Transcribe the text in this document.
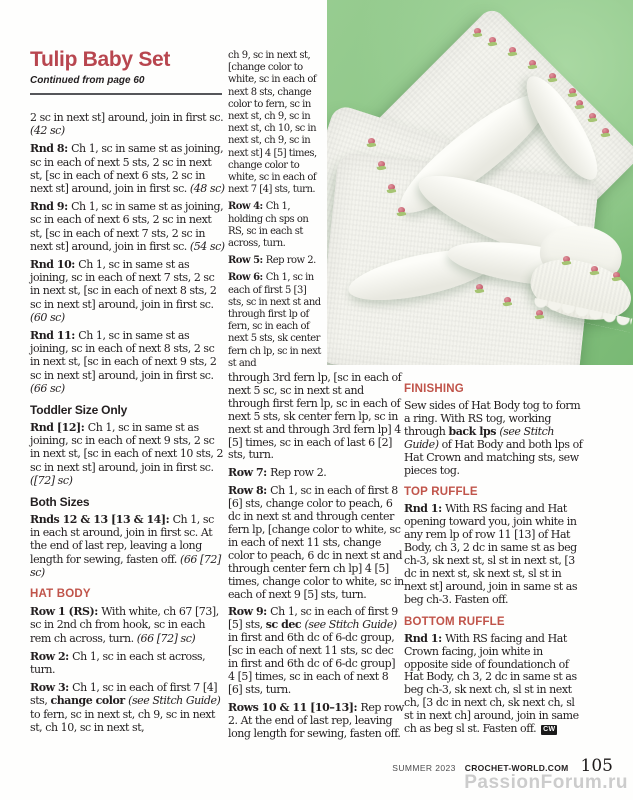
Tulip Baby Set
Continued from page 60

2 sc in next st] around, join in first sc. (42 sc)

Rnd 8: Ch 1, sc in same st as joining, sc in each of next 5 sts, 2 sc in next st, [sc in each of next 6 sts, 2 sc in next st] around, join in first sc. (48 sc)

Rnd 9: Ch 1, sc in same st as joining, sc in each of next 6 sts, 2 sc in next st, [sc in each of next 7 sts, 2 sc in next st] around, join in first sc. (54 sc)

Rnd 10: Ch 1, sc in same st as joining, sc in each of next 7 sts, 2 sc in next st, [sc in each of next 8 sts, 2 sc in next st] around, join in first sc. (60 sc)

Rnd 11: Ch 1, sc in same st as joining, sc in each of next 8 sts, 2 sc in next st, [sc in each of next 9 sts, 2 sc in next st] around, join in first sc. (66 sc)

Toddler Size Only

Rnd [12]: Ch 1, sc in same st as joining, sc in each of next 9 sts, 2 sc in next st, [sc in each of next 10 sts, 2 sc in next st] around, join in first sc. ([72] sc)

Both Sizes

Rnds 12 & 13 [13 & 14]: Ch 1, sc in each st around, join in first sc. At the end of last rep, leaving a long length for sewing, fasten off. (66 [72] sc)

HAT BODY

Row 1 (RS): With white, ch 67 [73], sc in 2nd ch from hook, sc in each rem ch across, turn. (66 [72] sc)

Row 2: Ch 1, sc in each st across, turn.

Row 3: Ch 1, sc in each of first 7 [4] sts, change color (see Stitch Guide) to fern, sc in next st, ch 9, sc in next st, ch 10, sc in next st,

ch 9, sc in next st, [change color to white, sc in each of next 8 sts, change color to fern, sc in next st, ch 9, sc in next st, ch 10, sc in next st, ch 9, sc in next st] 4 [5] times, change color to white, sc in each of next 7 [4] sts, turn.

Row 4: Ch 1, holding ch sps on RS, sc in each st across, turn.

Row 5: Rep row 2.

Row 6: Ch 1, sc in each of first 5 [3] sts, sc in next st and through first lp of fern, sc in each of next 5 sts, sk center fern ch lp, sc in next st and

through 3rd fern lp, [sc in each of next 5 sc, sc in next st and through first fern lp, sc in each of next 5 sts, sk center fern lp, sc in next st and through 3rd fern lp] 4 [5] times, sc in each of last 6 [2] sts, turn.

Row 7: Rep row 2.

Row 8: Ch 1, sc in each of first 8 [6] sts, change color to peach, 6 dc in next st and through center fern lp, [change color to white, sc in each of next 11 sts, change color to peach, 6 dc in next st and through center fern ch lp] 4 [5] times, change color to white, sc in each of next 9 [5] sts, turn.

Row 9: Ch 1, sc in each of first 9 [5] sts, sc dec (see Stitch Guide) in first and 6th dc of 6-dc group, [sc in each of next 11 sts, sc dec in first and 6th dc of 6-dc group] 4 [5] times, sc in each of next 8 [6] sts, turn.

Rows 10 & 11 [10–13]: Rep row 2. At the end of last rep, leaving long length for sewing, fasten off.

FINISHING

Sew sides of Hat Body tog to form a ring. With RS tog, working through back lps (see Stitch Guide) of Hat Body and both lps of Hat Crown and matching sts, sew pieces tog.

TOP RUFFLE

Rnd 1: With RS facing and Hat opening toward you, join white in any rem lp of row 11 [13] of Hat Body, ch 3, 2 dc in same st as beg ch-3, sk next st, sl st in next st, [3 dc in next st, sk next st, sl st in next st] around, join in same st as beg ch-3. Fasten off.

BOTTOM RUFFLE

Rnd 1: With RS facing and Hat Crown facing, join white in opposite side of foundationch of Hat Body, ch 3, 2 dc in same st as beg ch-3, sk next ch, sl st in next ch, [3 dc in next ch, sk next ch, sl st in next ch] around, join in same ch as beg sl st. Fasten off. CW

SUMMER 2023 CROCHET-WORLD.COM 105
PassionForum.ru
